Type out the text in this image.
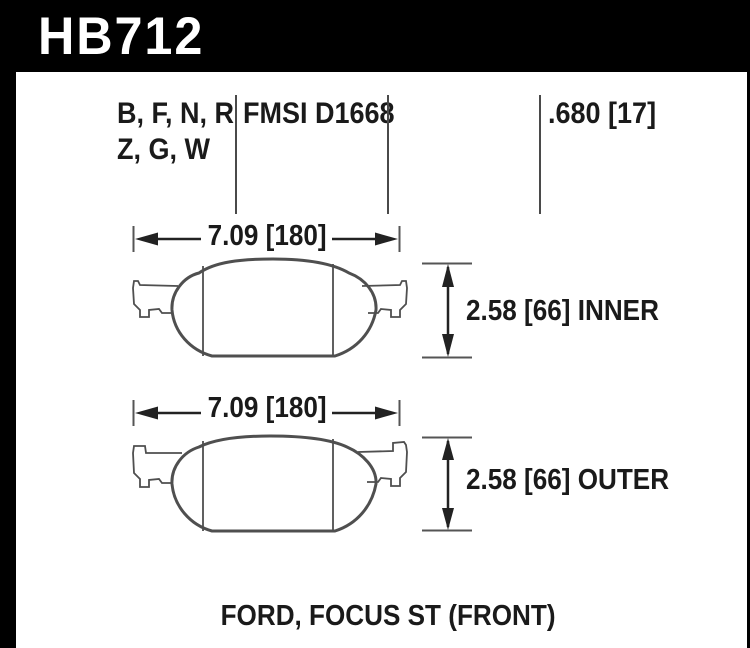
HB712
B, F, N, R
Z, G, W
FMSI D1668	.680 [17]
7.09 [180]
2.58 [66] INNER
7.09 [180]
2.58 [66] OUTER
FORD, FOCUS ST (FRONT)
